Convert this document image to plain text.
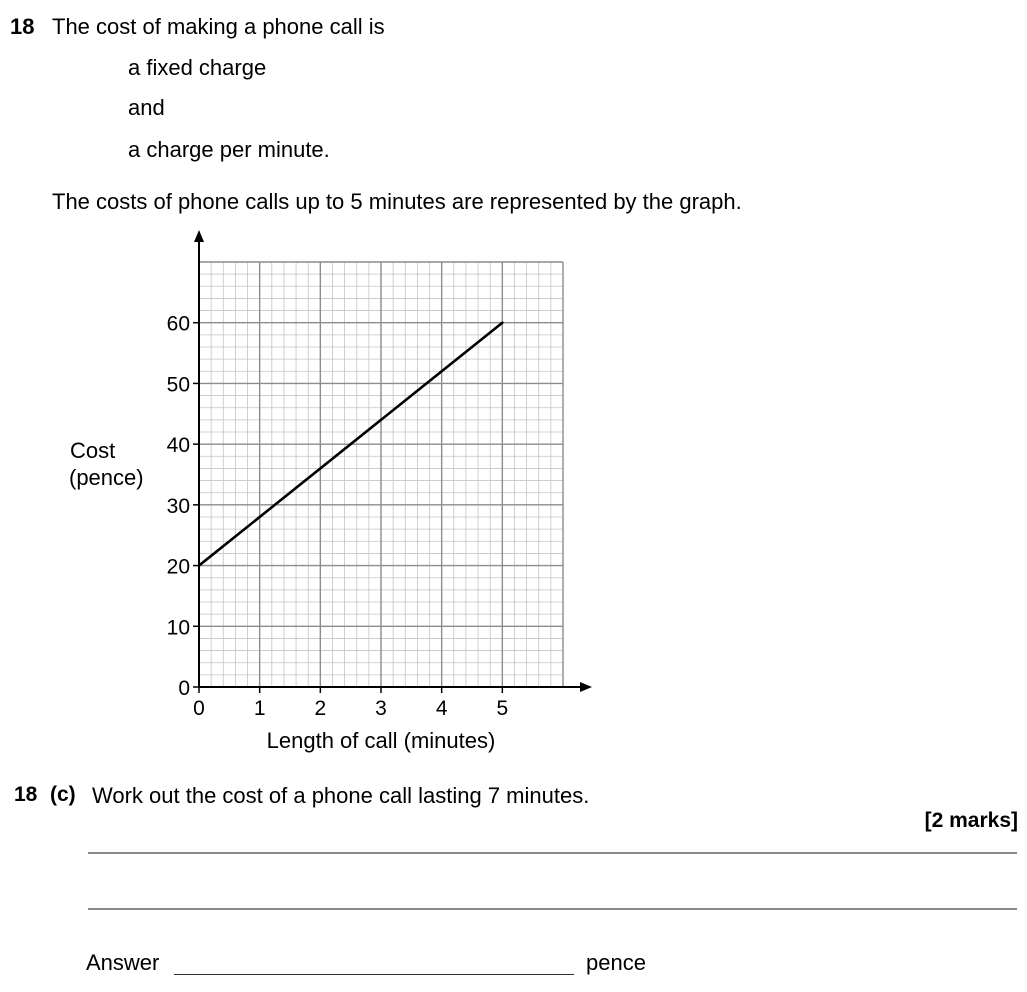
18 The cost of making a phone call is
a fixed charge
and
a charge per minute.
The costs of phone calls up to 5 minutes are represented by the graph.
0
10
20
30
40
50
60
0 1 2 3 4 5
Length of call (minutes)
Cost
(pence)
18 (c) Work out the cost of a phone call lasting 7 minutes.
[2 marks]
Answer	pence
